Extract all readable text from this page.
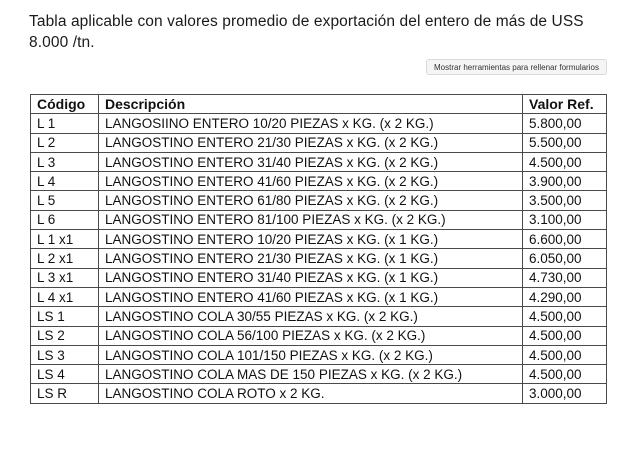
Tabla aplicable con valores promedio de exportación del entero de más de USS 8.000 /tn.
Mostrar herramientas para rellenar formularios
Código	Descripción	Valor Ref.
L 1	LANGOSIINO ENTERO 10/20 PIEZAS x KG. (x 2 KG.)	5.800,00
L 2	LANGOSTINO ENTERO 21/30 PIEZAS x KG. (x 2 KG.)	5.500,00
L 3	LANGOSTINO ENTERO 31/40 PIEZAS x KG. (x 2 KG.)	4.500,00
L 4	LANGOSTINO ENTERO 41/60 PIEZAS x KG. (x 2 KG.)	3.900,00
L 5	LANGOSTINO ENTERO 61/80 PIEZAS x KG. (x 2 KG.)	3.500,00
L 6	LANGOSTINO ENTERO 81/100 PIEZAS x KG. (x 2 KG.)	3.100,00
L 1 x1	LANGOSTINO ENTERO 10/20 PIEZAS x KG. (x 1 KG.)	6.600,00
L 2 x1	LANGOSTINO ENTERO 21/30 PIEZAS x KG. (x 1 KG.)	6.050,00
L 3 x1	LANGOSTINO ENTERO 31/40 PIEZAS x KG. (x 1 KG.)	4.730,00
L 4 x1	LANGOSTINO ENTERO 41/60 PIEZAS x KG. (x 1 KG.)	4.290,00
LS 1	LANGOSTINO COLA 30/55 PIEZAS x KG. (x 2 KG.)	4.500,00
LS 2	LANGOSTINO COLA 56/100 PIEZAS x KG. (x 2 KG.)	4.500,00
LS 3	LANGOSTINO COLA 101/150 PIEZAS x KG. (x 2 KG.)	4.500,00
LS 4	LANGOSTINO COLA MAS DE 150 PIEZAS x KG. (x 2 KG.)	4.500,00
LS R	LANGOSTINO COLA ROTO x 2 KG.	3.000,00
